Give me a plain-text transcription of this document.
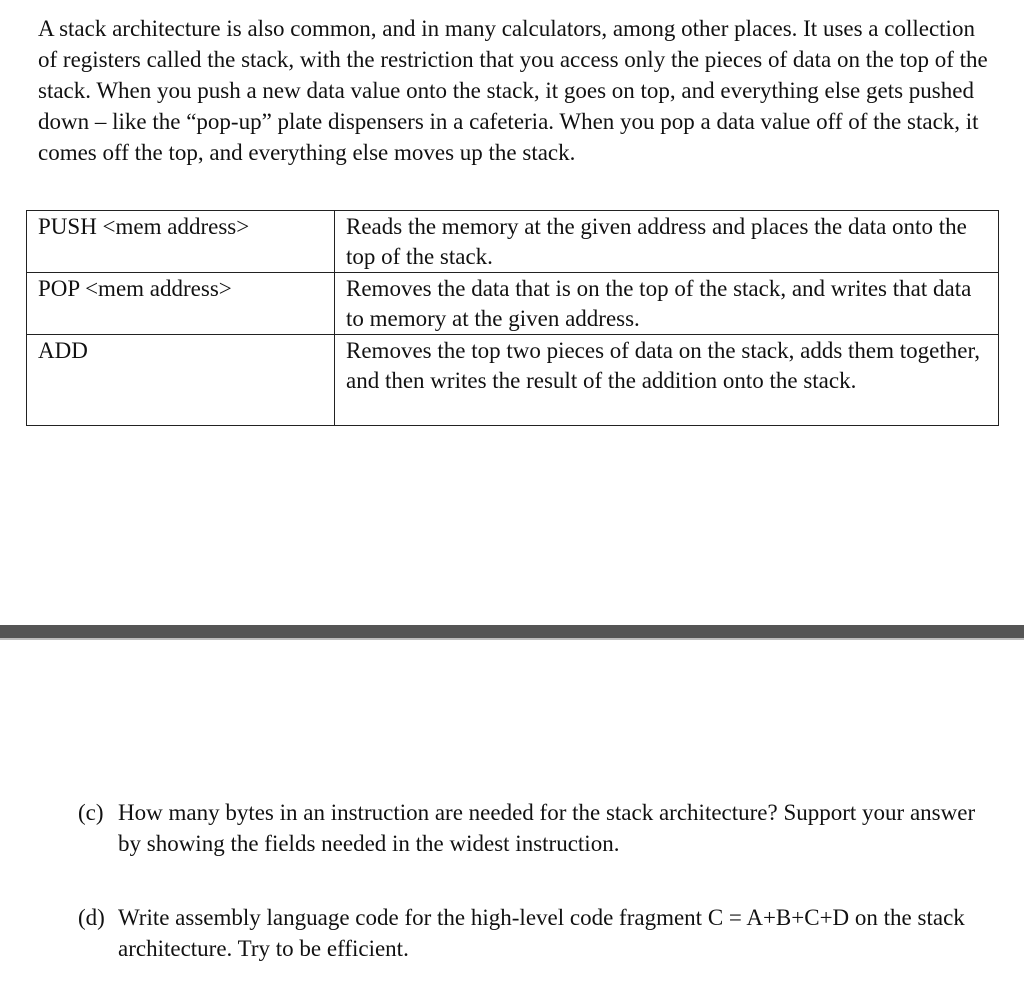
A stack architecture is also common, and in many calculators, among other places. It uses a collection of registers called the stack, with the restriction that you access only the pieces of data on the top of the stack. When you push a new data value onto the stack, it goes on top, and everything else gets pushed down – like the “pop-up” plate dispensers in a cafeteria. When you pop a data value off of the stack, it comes off the top, and everything else moves up the stack.

PUSH <mem address>	Reads the memory at the given address and places the data onto the top of the stack.
POP <mem address>	Removes the data that is on the top of the stack, and writes that data to memory at the given address.
ADD	Removes the top two pieces of data on the stack, adds them together, and then writes the result of the addition onto the stack.
(c) How many bytes in an instruction are needed for the stack architecture? Support your answer by showing the fields needed in the widest instruction.
(d) Write assembly language code for the high-level code fragment C = A+B+C+D on the stack architecture. Try to be efficient.
